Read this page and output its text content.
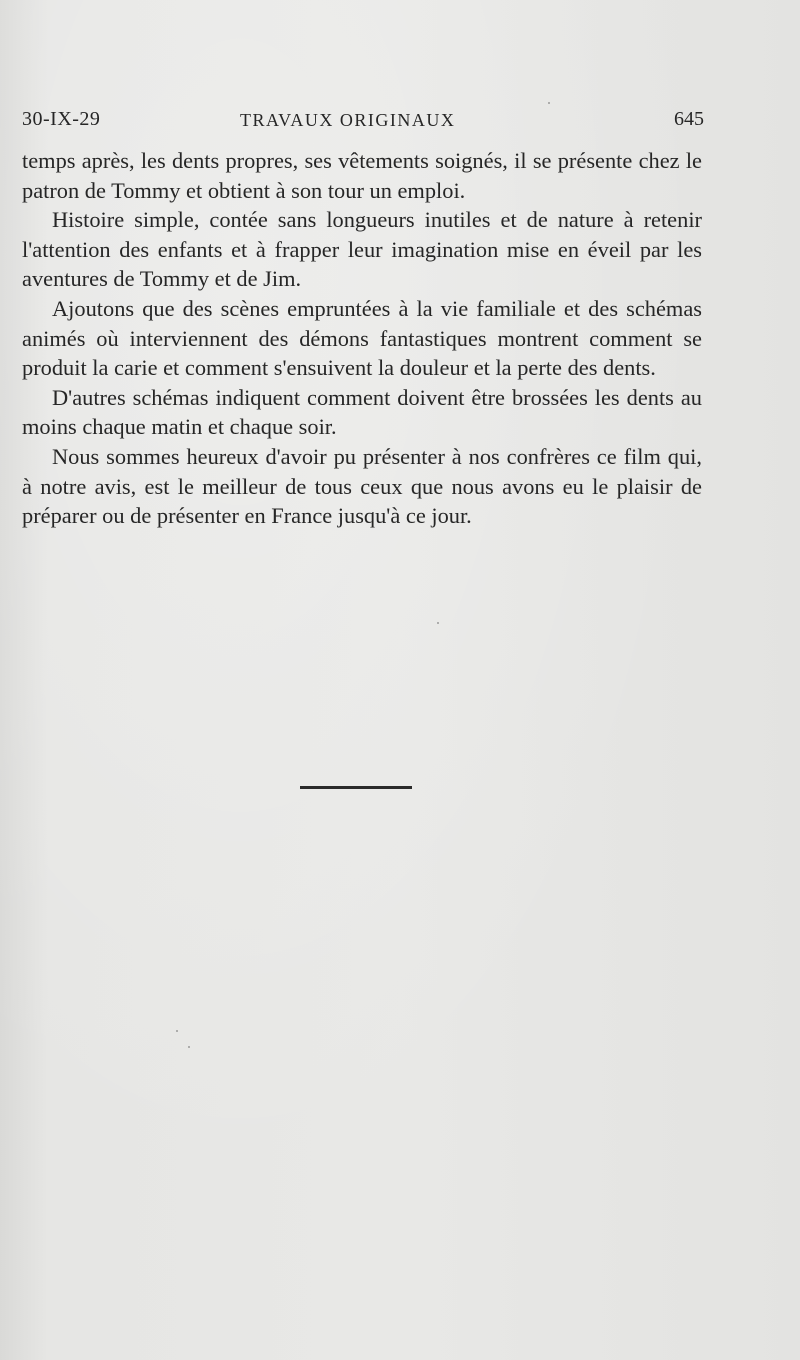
30-IX-29	TRAVAUX ORIGINAUX	645

temps après, les dents propres, ses vêtements soignés, il se présente chez le patron de Tommy et obtient à son tour un emploi.

Histoire simple, contée sans longueurs inutiles et de nature à retenir l'attention des enfants et à frapper leur imagination mise en éveil par les aventures de Tommy et de Jim.

Ajoutons que des scènes empruntées à la vie familiale et des schémas animés où interviennent des démons fantastiques montrent comment se produit la carie et comment s'ensuivent la douleur et la perte des dents.

D'autres schémas indiquent comment doivent être brossées les dents au moins chaque matin et chaque soir.

Nous sommes heureux d'avoir pu présenter à nos confrères ce film qui, à notre avis, est le meilleur de tous ceux que nous avons eu le plaisir de préparer ou de présenter en France jusqu'à ce jour.
